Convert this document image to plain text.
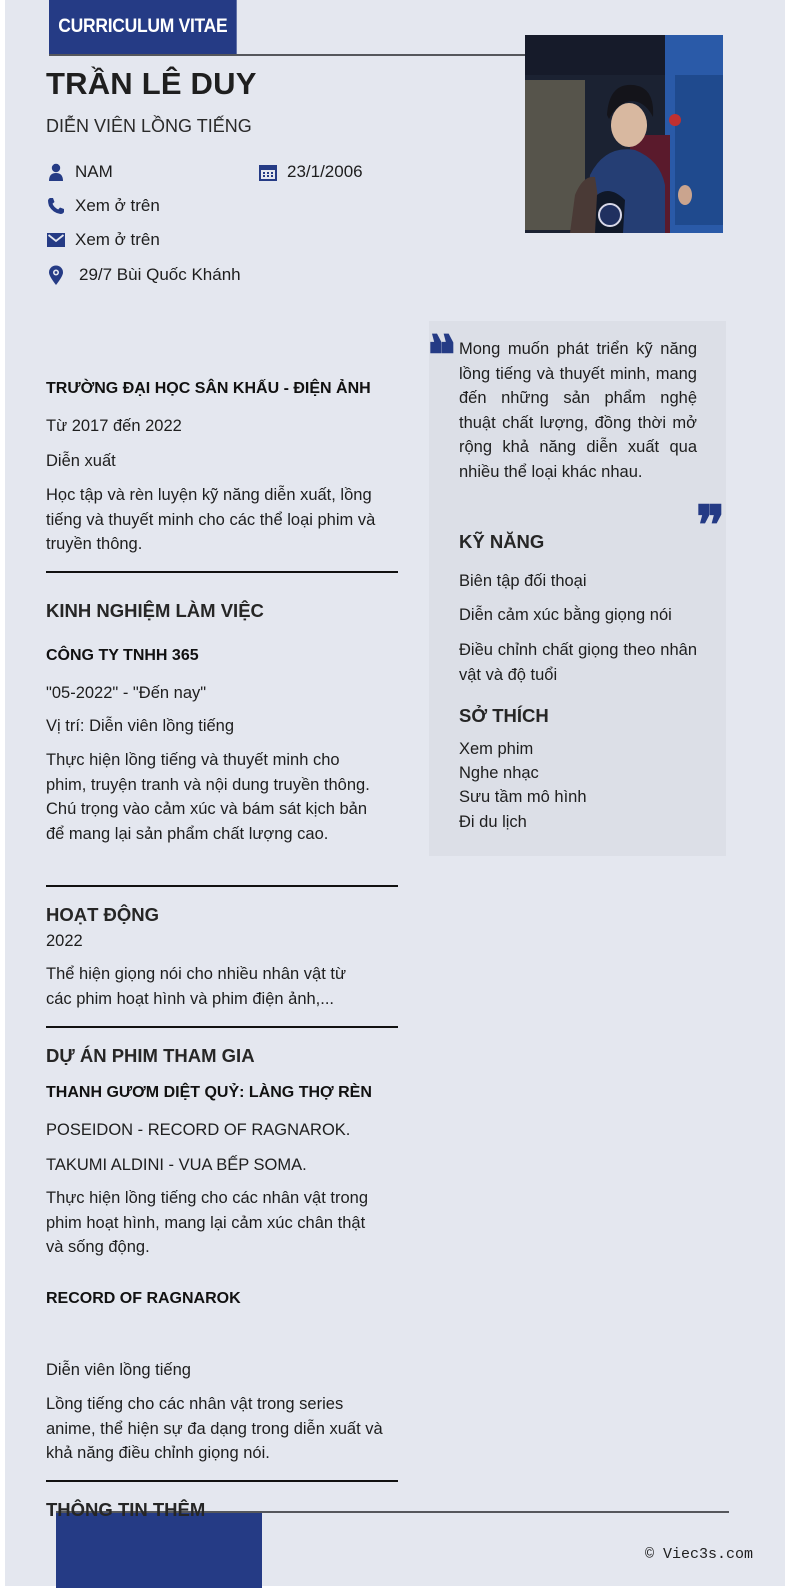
CURRICULUM VITAE
TRẦN LÊ DUY
DIỄN VIÊN LỒNG TIẾNG
NAM	23/1/2006
Xem ở trên
Xem ở trên
29/7 Bùi Quốc Khánh
❞ Mong muốn phát triển kỹ năng lồng tiếng và thuyết minh, mang đến những sản phẩm nghệ thuật chất lượng, đồng thời mở rộng khả năng diễn xuất qua nhiều thể loại khác nhau.
❞
KỸ NĂNG
Biên tập đối thoại
Diễn cảm xúc bằng giọng nói
Điều chỉnh chất giọng theo nhân vật và độ tuổi
SỞ THÍCH
Xem phim
Nghe nhạc
Sưu tầm mô hình
Đi du lịch
TRƯỜNG ĐẠI HỌC SÂN KHẤU - ĐIỆN ẢNH
Từ 2017 đến 2022
Diễn xuất
Học tập và rèn luyện kỹ năng diễn xuất, lồng tiếng và thuyết minh cho các thể loại phim và truyền thông.
KINH NGHIỆM LÀM VIỆC
CÔNG TY TNHH 365
"05-2022" - "Đến nay"
Vị trí: Diễn viên lồng tiếng
Thực hiện lồng tiếng và thuyết minh cho phim, truyện tranh và nội dung truyền thông. Chú trọng vào cảm xúc và bám sát kịch bản để mang lại sản phẩm chất lượng cao.
HOẠT ĐỘNG
2022
Thể hiện giọng nói cho nhiều nhân vật từ các phim hoạt hình và phim điện ảnh,...
DỰ ÁN PHIM THAM GIA
THANH GƯƠM DIỆT QUỶ: LÀNG THỢ RÈN
POSEIDON - RECORD OF RAGNAROK.
TAKUMI ALDINI - VUA BẾP SOMA.
Thực hiện lồng tiếng cho các nhân vật trong phim hoạt hình, mang lại cảm xúc chân thật và sống động.
RECORD OF RAGNAROK
Diễn viên lồng tiếng
Lồng tiếng cho các nhân vật trong series anime, thể hiện sự đa dạng trong diễn xuất và khả năng điều chỉnh giọng nói.
THÔNG TIN THÊM
© Viec3s.com
